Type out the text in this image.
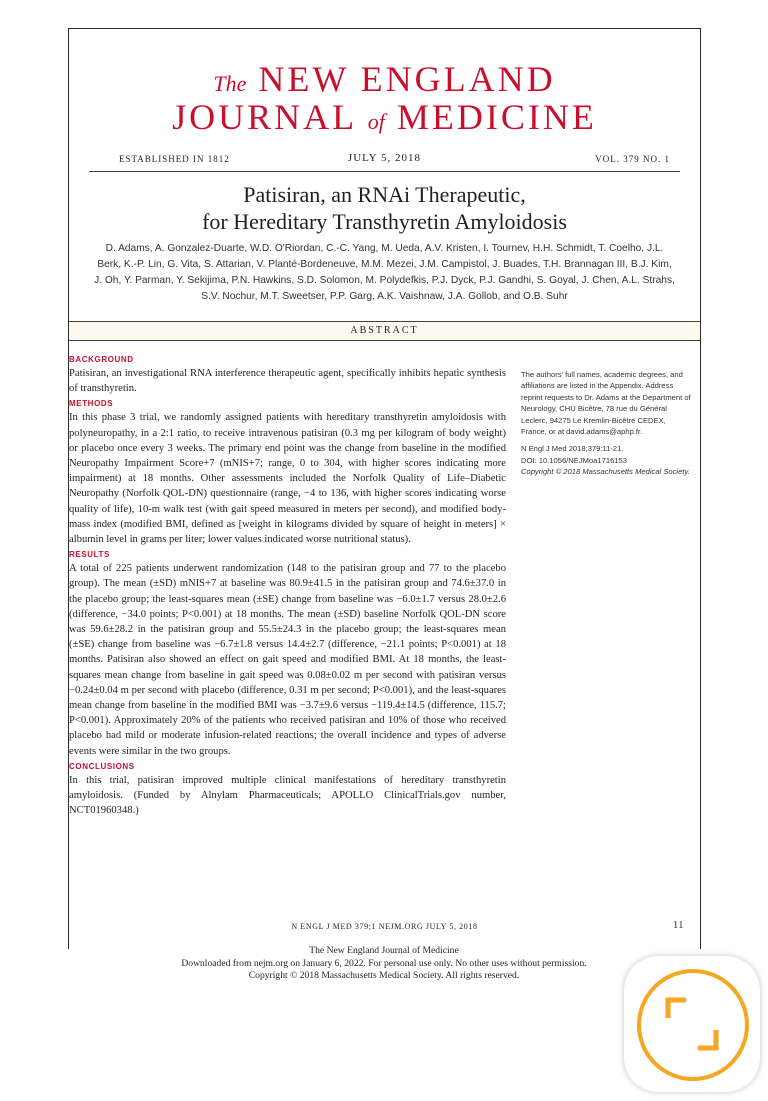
The NEW ENGLAND
JOURNAL of MEDICINE
ESTABLISHED IN 1812	JULY 5, 2018	VOL. 379 NO. 1
Patisiran, an RNAi Therapeutic,
for Hereditary Transthyretin Amyloidosis
D. Adams, A. Gonzalez-Duarte, W.D. O'Riordan, C.-C. Yang, M. Ueda, A.V. Kristen, I. Tournev, H.H. Schmidt, T. Coelho, J.L. Berk, K.-P. Lin, G. Vita, S. Attarian, V. Planté-Bordeneuve, M.M. Mezei, J.M. Campistol, J. Buades, T.H. Brannagan III, B.J. Kim, J. Oh, Y. Parman, Y. Sekijima, P.N. Hawkins, S.D. Solomon, M. Polydefkis, P.J. Dyck, P.J. Gandhi, S. Goyal, J. Chen, A.L. Strahs, S.V. Nochur, M.T. Sweetser, P.P. Garg, A.K. Vaishnaw, J.A. Gollob, and O.B. Suhr
ABSTRACT
BACKGROUND

Patisiran, an investigational RNA interference therapeutic agent, specifically inhibits hepatic synthesis of transthyretin.

METHODS

In this phase 3 trial, we randomly assigned patients with hereditary transthyretin amyloidosis with polyneuropathy, in a 2:1 ratio, to receive intravenous patisiran (0.3 mg per kilogram of body weight) or placebo once every 3 weeks. The primary end point was the change from baseline in the modified Neuropathy Impairment Score+7 (mNIS+7; range, 0 to 304, with higher scores indicating more impairment) at 18 months. Other assessments included the Norfolk Quality of Life–Diabetic Neuropathy (Norfolk QOL-DN) questionnaire (range, −4 to 136, with higher scores indicating worse quality of life), 10-m walk test (with gait speed measured in meters per second), and modified body-mass index (modified BMI, defined as [weight in kilograms divided by square of height in meters] × albumin level in grams per liter; lower values indicated worse nutritional status).

RESULTS

A total of 225 patients underwent randomization (148 to the patisiran group and 77 to the placebo group). The mean (±SD) mNIS+7 at baseline was 80.9±41.5 in the patisiran group and 74.6±37.0 in the placebo group; the least-squares mean (±SE) change from baseline was −6.0±1.7 versus 28.0±2.6 (difference, −34.0 points; P<0.001) at 18 months. The mean (±SD) baseline Norfolk QOL-DN score was 59.6±28.2 in the patisiran group and 55.5±24.3 in the placebo group; the least-squares mean (±SE) change from baseline was −6.7±1.8 versus 14.4±2.7 (difference, −21.1 points; P<0.001) at 18 months. Patisiran also showed an effect on gait speed and modified BMI. At 18 months, the least-squares mean change from baseline in gait speed was 0.08±0.02 m per second with patisiran versus −0.24±0.04 m per second with placebo (difference, 0.31 m per second; P<0.001), and the least-squares mean change from baseline in the modified BMI was −3.7±9.6 versus −119.4±14.5 (difference, 115.7; P<0.001). Approximately 20% of the patients who received patisiran and 10% of those who received placebo had mild or moderate infusion-related reactions; the overall incidence and types of adverse events were similar in the two groups.

CONCLUSIONS

In this trial, patisiran improved multiple clinical manifestations of hereditary transthyretin amyloidosis. (Funded by Alnylam Pharmaceuticals; APOLLO ClinicalTrials.gov number, NCT01960348.)

The authors' full names, academic degrees, and affiliations are listed in the Appendix. Address reprint requests to Dr. Adams at the Department of Neurology, CHU Bicêtre, 78 rue du Général Leclerc, 94275 Le Kremlin-Bicêtre CEDEX, France, or at david.adams@aphp.fr.

N Engl J Med 2018;379:11-21.
DOI: 10.1056/NEJMoa1716153
Copyright © 2018 Massachusetts Medical Society.
N ENGL J MED 379;1 NEJM.ORG JULY 5, 2018	11
The New England Journal of Medicine
Downloaded from nejm.org on January 6, 2022. For personal use only. No other uses without permission.
Copyright © 2018 Massachusetts Medical Society. All rights reserved.
